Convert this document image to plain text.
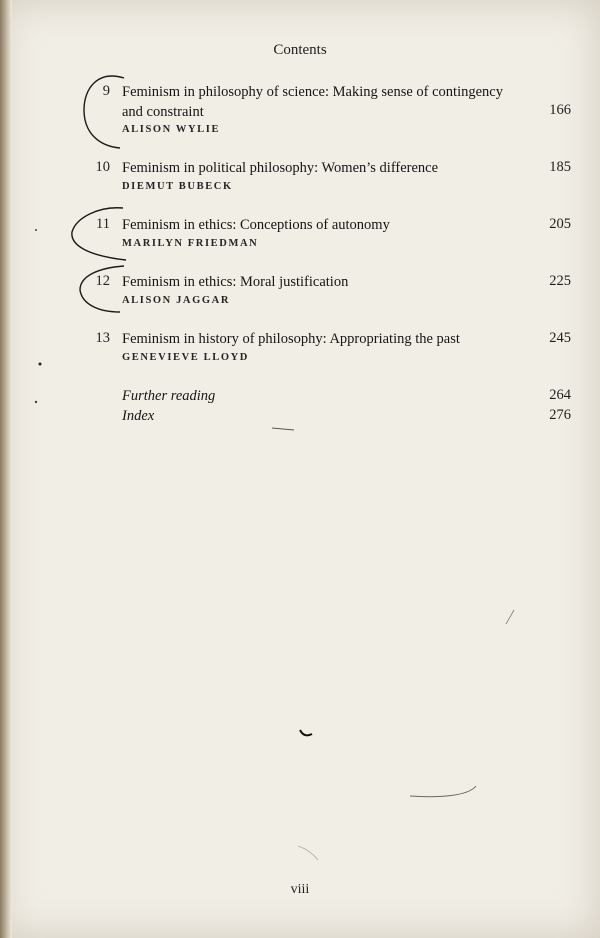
Contents
9 Feminism in philosophy of science: Making sense of contingency and constraint	166
ALISON WYLIE
10 Feminism in political philosophy: Women’s difference	185
DIEMUT BUBECK
11 Feminism in ethics: Conceptions of autonomy	205
MARILYN FRIEDMAN
12 Feminism in ethics: Moral justification	225
ALISON JAGGAR
13 Feminism in history of philosophy: Appropriating the past	245
GENEVIEVE LLOYD
Further reading	264
Index	276
viii
